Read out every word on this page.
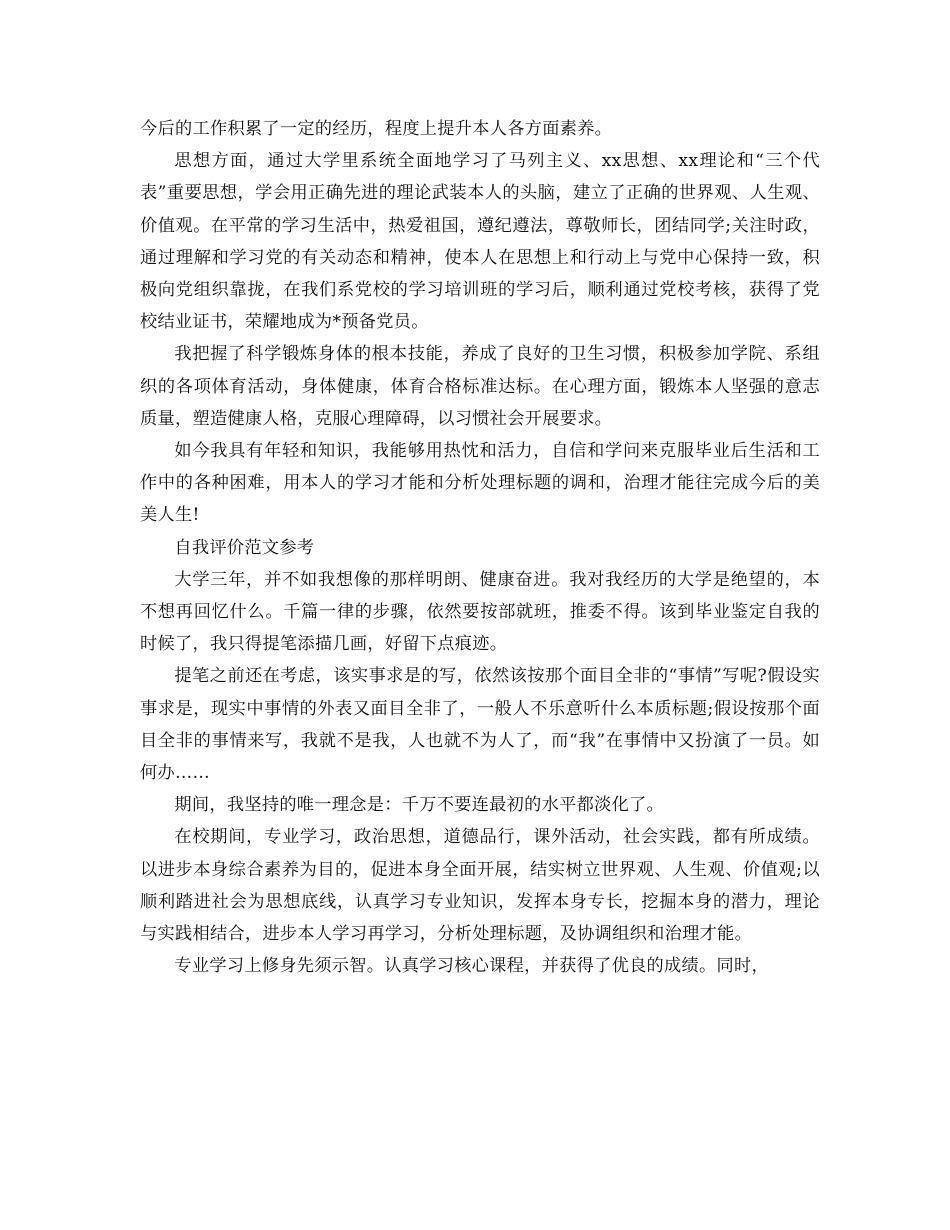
今后的工作积累了一定的经历，程度上提升本人各方面素养。

思想方面，通过大学里系统全面地学习了马列主义、xx思想、xx理论和“三个代表”重要思想，学会用正确先进的理论武装本人的头脑，建立了正确的世界观、人生观、价值观。在平常的学习生活中，热爱祖国，遵纪遵法，尊敬师长，团结同学;关注时政，通过理解和学习党的有关动态和精神，使本人在思想上和行动上与党中心保持一致，积极向党组织靠拢，在我们系党校的学习培训班的学习后，顺利通过党校考核，获得了党校结业证书，荣耀地成为*预备党员。

我把握了科学锻炼身体的根本技能，养成了良好的卫生习惯，积极参加学院、系组织的各项体育活动，身体健康，体育合格标准达标。在心理方面，锻炼本人坚强的意志质量，塑造健康人格，克服心理障碍，以习惯社会开展要求。

如今我具有年轻和知识，我能够用热忱和活力，自信和学问来克服毕业后生活和工作中的各种困难，用本人的学习才能和分析处理标题的调和，治理才能往完成今后的美美人生!

自我评价范文参考

大学三年，并不如我想像的那样明朗、健康奋进。我对我经历的大学是绝望的，本不想再回忆什么。千篇一律的步骤，依然要按部就班，推委不得。该到毕业鉴定自我的时候了，我只得提笔添描几画，好留下点痕迹。

提笔之前还在考虑，该实事求是的写，依然该按那个面目全非的“事情”写呢?假设实事求是，现实中事情的外表又面目全非了，一般人不乐意听什么本质标题;假设按那个面目全非的事情来写，我就不是我，人也就不为人了，而“我”在事情中又扮演了一员。如何办……

期间，我坚持的唯一理念是：千万不要连最初的水平都淡化了。

在校期间，专业学习，政治思想，道德品行，课外活动，社会实践，都有所成绩。以进步本身综合素养为目的，促进本身全面开展，结实树立世界观、人生观、价值观;以顺利踏进社会为思想底线，认真学习专业知识，发挥本身专长，挖掘本身的潜力，理论与实践相结合，进步本人学习再学习，分析处理标题，及协调组织和治理才能。

专业学习上修身先须示智。认真学习核心课程，并获得了优良的成绩。同时，
